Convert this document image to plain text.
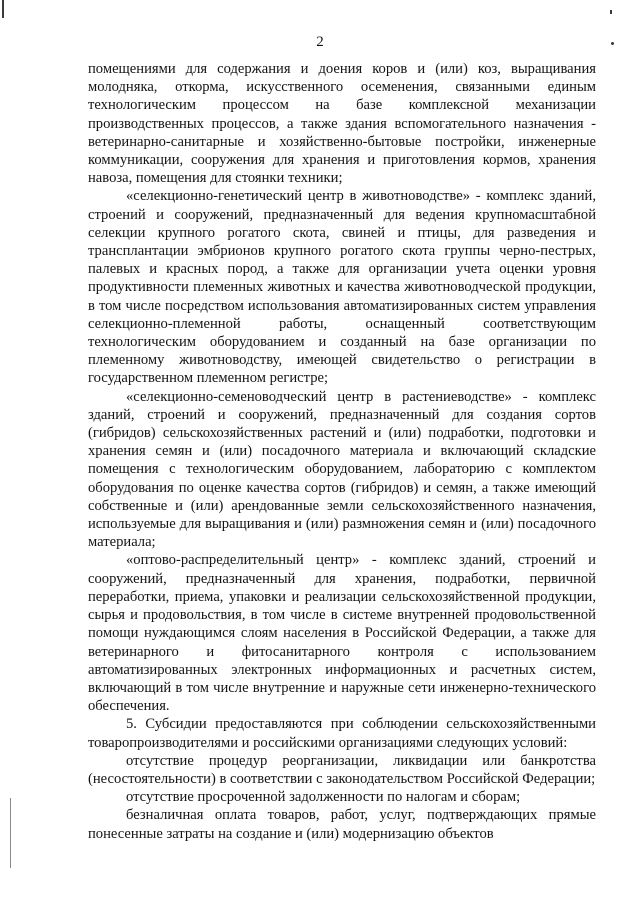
2

помещениями для содержания и доения коров и (или) коз, выращивания молодняка, откорма, искусственного осеменения, связанными единым технологическим процессом на базе комплексной механизации производственных процессов, а также здания вспомогательного назначения - ветеринарно-санитарные и хозяйственно-бытовые постройки, инженерные коммуникации, сооружения для хранения и приготовления кормов, хранения навоза, помещения для стоянки техники;

«селекционно-генетический центр в животноводстве» - комплекс зданий, строений и сооружений, предназначенный для ведения крупномасштабной селекции крупного рогатого скота, свиней и птицы, для разведения и трансплантации эмбрионов крупного рогатого скота группы черно-пестрых, палевых и красных пород, а также для организации учета оценки уровня продуктивности племенных животных и качества животноводческой продукции, в том числе посредством использования автоматизированных систем управления селекционно-племенной работы, оснащенный соответствующим технологическим оборудованием и созданный на базе организации по племенному животноводству, имеющей свидетельство о регистрации в государственном племенном регистре;

«селекционно-семеноводческий центр в растениеводстве» - комплекс зданий, строений и сооружений, предназначенный для создания сортов (гибридов) сельскохозяйственных растений и (или) подработки, подготовки и хранения семян и (или) посадочного материала и включающий складские помещения с технологическим оборудованием, лабораторию с комплектом оборудования по оценке качества сортов (гибридов) и семян, а также имеющий собственные и (или) арендованные земли сельскохозяйственного назначения, используемые для выращивания и (или) размножения семян и (или) посадочного материала;

«оптово-распределительный центр» - комплекс зданий, строений и сооружений, предназначенный для хранения, подработки, первичной переработки, приема, упаковки и реализации сельскохозяйственной продукции, сырья и продовольствия, в том числе в системе внутренней продовольственной помощи нуждающимся слоям населения в Российской Федерации, а также для ветеринарного и фитосанитарного контроля с использованием автоматизированных электронных информационных и расчетных систем, включающий в том числе внутренние и наружные сети инженерно-технического обеспечения.

5. Субсидии предоставляются при соблюдении сельскохозяйственными товаропроизводителями и российскими организациями следующих условий:

отсутствие процедур реорганизации, ликвидации или банкротства (несостоятельности) в соответствии с законодательством Российской Федерации;

отсутствие просроченной задолженности по налогам и сборам;

безналичная оплата товаров, работ, услуг, подтверждающих прямые понесенные затраты на создание и (или) модернизацию объектов
